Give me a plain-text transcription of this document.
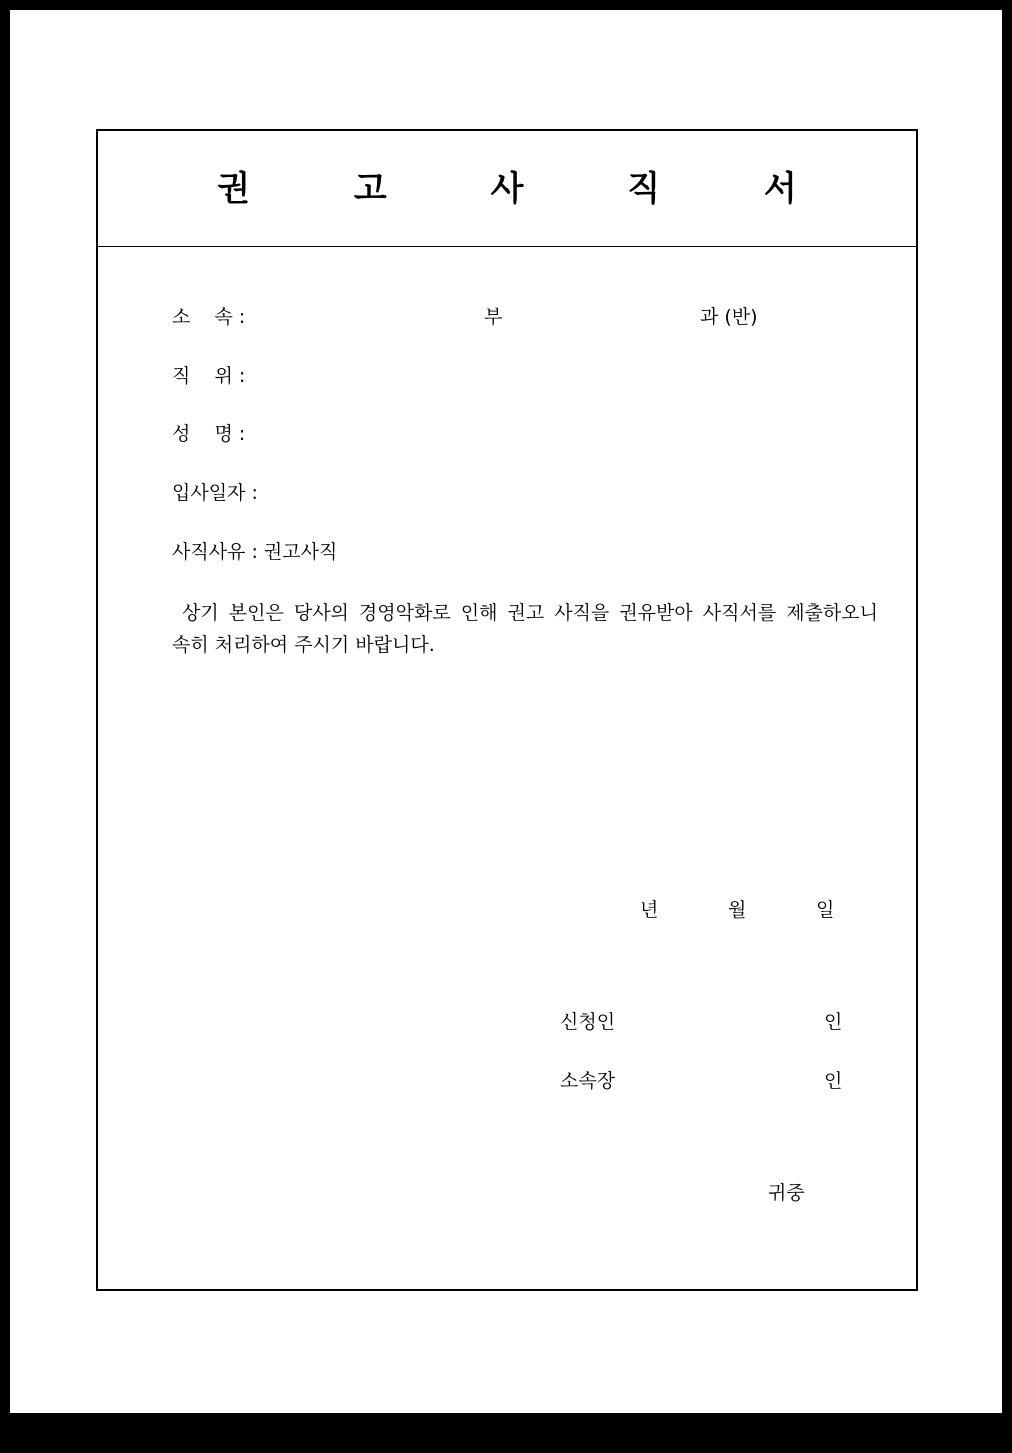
권 고 사 직 서
소    속 :	부	과 (반)
직    위 :
성    명 :
입사일자 :
사직사유 : 권고사직
상기 본인은 당사의 경영악화로 인해 권고 사직을 권유받아 사직서를 제출하오니
속히 처리하여 주시기 바랍니다.
년	월	일
신청인	인
소속장	인
귀중
